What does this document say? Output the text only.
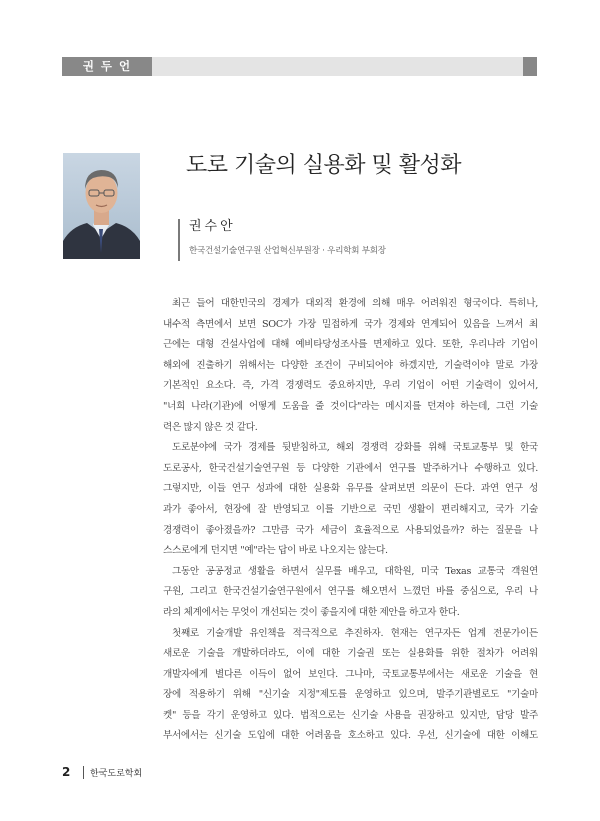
권두언
도로 기술의 실용화 및 활성화
권수안
한국건설기술연구원 산업혁신부원장 · 우리학회 부회장
최근 들어 대한민국의 경제가 대외적 환경에 의해 매우 어려워진 형국이다. 특히나,
내수적 측면에서 보면 SOC가 가장 밀접하게 국가 경제와 연계되어 있음을 느껴서 최
근에는 대형 건설사업에 대해 예비타당성조사를 면제하고 있다. 또한, 우리나라 기업이
해외에 진출하기 위해서는 다양한 조건이 구비되어야 하겠지만, 기술력이야 말로 가장
기본적인 요소다. 즉, 가격 경쟁력도 중요하지만, 우리 기업이 어떤 기술력이 있어서,
"너희 나라(기관)에 어떻게 도움을 줄 것이다"라는 메시지를 던져야 하는데, 그런 기술
력은 많지 않은 것 같다.
도로분야에 국가 경제를 뒷받침하고, 해외 경쟁력 강화를 위해 국토교통부 및 한국
도로공사, 한국건설기술연구원 등 다양한 기관에서 연구를 발주하거나 수행하고 있다.
그렇지만, 이들 연구 성과에 대한 실용화 유무를 살펴보면 의문이 든다. 과연 연구 성
과가 좋아서, 현장에 잘 반영되고 이를 기반으로 국민 생활이 편리해지고, 국가 기술
경쟁력이 좋아졌을까? 그만큼 국가 세금이 효율적으로 사용되었을까? 하는 질문을 나
스스로에게 던지면 "예"라는 답이 바로 나오지는 않는다.
그동안 공공정교 생활을 하면서 실무를 배우고, 대학원, 미국 Texas 교통국 객원연
구원, 그리고 한국건설기술연구원에서 연구를 해오면서 느꼈던 바를 중심으로, 우리 나
라의 체계에서는 무엇이 개선되는 것이 좋을지에 대한 제안을 하고자 한다.
첫째로 기술개발 유인책을 적극적으로 추진하자. 현재는 연구자든 업계 전문가이든
새로운 기술을 개발하더라도, 이에 대한 기술권 또는 실용화를 위한 절차가 어려워
개발자에게 별다른 이득이 없어 보인다. 그나마, 국토교통부에서는 새로운 기술을 현
장에 적용하기 위해 "신기술 지정"제도를 운영하고 있으며, 발주기관별로도 "기술마
켓" 등을 각기 운영하고 있다. 법적으로는 신기술 사용을 권장하고 있지만, 담당 발주
부서에서는 신기술 도입에 대한 어려움을 호소하고 있다. 우선, 신기술에 대한 이해도
2 한국도로학회
